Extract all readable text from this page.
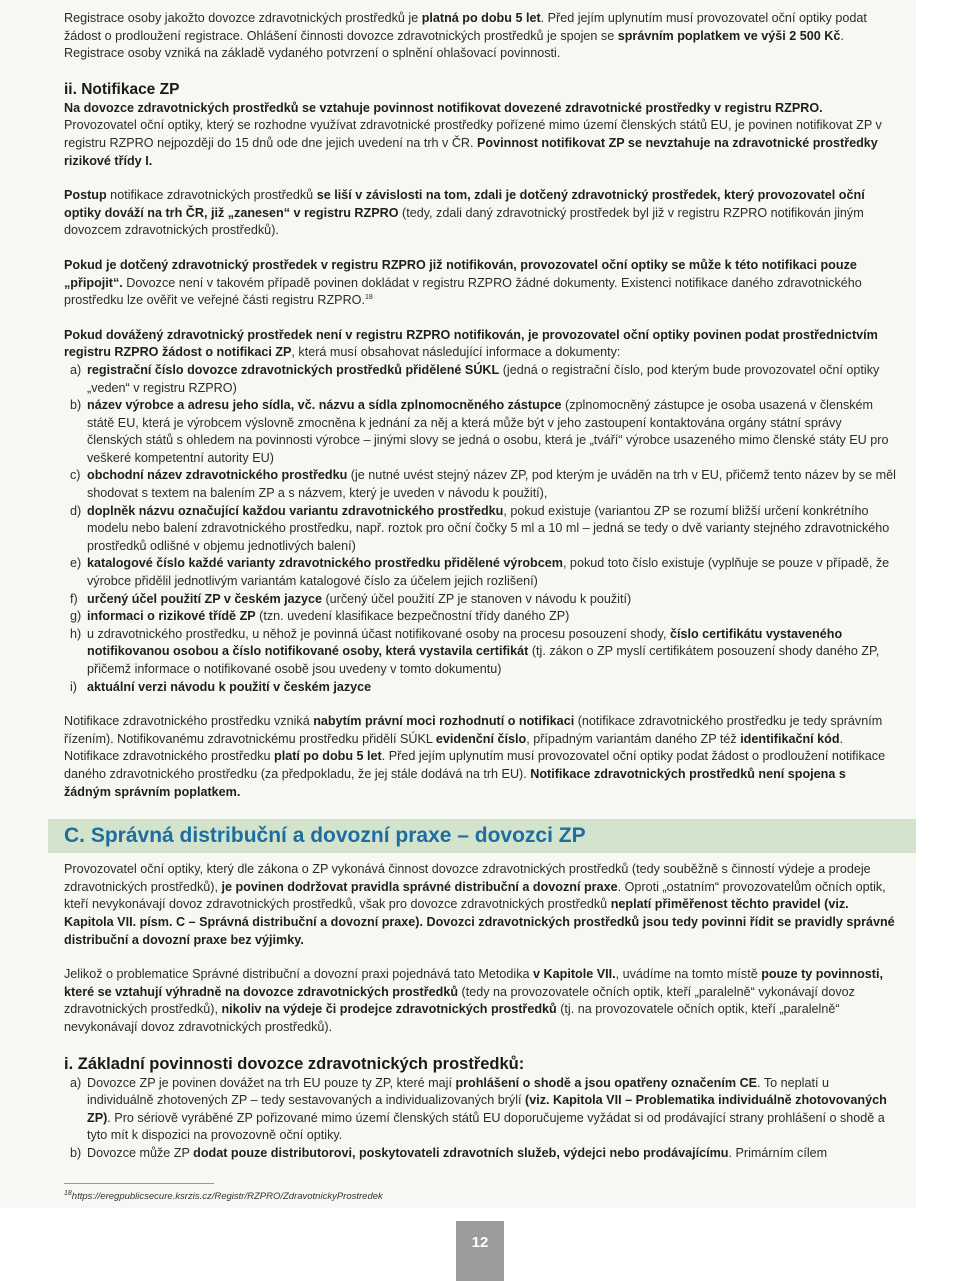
Registrace osoby jakožto dovozce zdravotnických prostředků je platná po dobu 5 let. Před jejím uplynutím musí provozovatel oční optiky podat žádost o prodloužení registrace. Ohlášení činnosti dovozce zdravotnických prostředků je spojen se správním poplatkem ve výši 2 500 Kč. Registrace osoby vzniká na základě vydaného potvrzení o splnění ohlašovací povinnosti.

ii. Notifikace ZP

Na dovozce zdravotnických prostředků se vztahuje povinnost notifikovat dovezené zdravotnické prostředky v registru RZPRO. Provozovatel oční optiky, který se rozhodne využívat zdravotnické prostředky pořízené mimo území členských států EU, je povinen notifikovat ZP v registru RZPRO nejpozději do 15 dnů ode dne jejich uvedení na trh v ČR. Povinnost notifikovat ZP se nevztahuje na zdravotnické prostředky rizikové třídy I.

Postup notifikace zdravotnických prostředků se liší v závislosti na tom, zdali je dotčený zdravotnický prostředek, který provozovatel oční optiky dováží na trh ČR, již „zanesen“ v registru RZPRO (tedy, zdali daný zdravotnický prostředek byl již v registru RZPRO notifikován jiným dovozcem zdravotnických prostředků).

Pokud je dotčený zdravotnický prostředek v registru RZPRO již notifikován, provozovatel oční optiky se může k této notifikaci pouze „připojit“. Dovozce není v takovém případě povinen dokládat v registru RZPRO žádné dokumenty. Existenci notifikace daného zdravotnického prostředku lze ověřit ve veřejné části registru RZPRO.$^{18}$

Pokud dovážený zdravotnický prostředek není v registru RZPRO notifikován, je provozovatel oční optiky povinen podat prostřednictvím registru RZPRO žádost o notifikaci ZP, která musí obsahovat následující informace a dokumenty:

a) registrační číslo dovozce zdravotnických prostředků přidělené SÚKL (jedná o registrační číslo, pod kterým bude provozovatel oční optiky „veden“ v registru RZPRO)
b) název výrobce a adresu jeho sídla, vč. názvu a sídla zplnomocněného zástupce (zplnomocněný zástupce je osoba usazená v členském státě EU, která je výrobcem výslovně zmocněna k jednání za něj a která může být v jeho zastoupení kontaktována orgány státní správy členských států s ohledem na povinnosti výrobce – jinými slovy se jedná o osobu, která je „tváří“ výrobce usazeného mimo členské státy EU pro veškeré kompetentní autority EU)
c) obchodní název zdravotnického prostředku (je nutné uvést stejný název ZP, pod kterým je uváděn na trh v EU, přičemž tento název by se měl shodovat s textem na balením ZP a s názvem, který je uveden v návodu k použití),
d) doplněk názvu označující každou variantu zdravotnického prostředku, pokud existuje (variantou ZP se rozumí bližší určení konkrétního modelu nebo balení zdravotnického prostředku, např. roztok pro oční čočky 5 ml a 10 ml – jedná se tedy o dvě varianty stejného zdravotnického prostředků odlišné v objemu jednotlivých balení)
e) katalogové číslo každé varianty zdravotnického prostředku přidělené výrobcem, pokud toto číslo existuje (vyplňuje se pouze v případě, že výrobce přidělil jednotlivým variantám katalogové číslo za účelem jejich rozlišení)
f) určený účel použití ZP v českém jazyce (určený účel použití ZP je stanoven v návodu k použití)
g) informaci o rizikové třídě ZP (tzn. uvedení klasifikace bezpečnostní třídy daného ZP)
h) u zdravotnického prostředku, u něhož je povinná účast notifikované osoby na procesu posouzení shody, číslo certifikátu vystaveného notifikovanou osobou a číslo notifikované osoby, která vystavila certifikát (tj. zákon o ZP myslí certifikátem posouzení shody daného ZP, přičemž informace o notifikované osobě jsou uvedeny v tomto dokumentu)
i) aktuální verzi návodu k použití v českém jazyce

Notifikace zdravotnického prostředku vzniká nabytím právní moci rozhodnutí o notifikaci (notifikace zdravotnického prostředku je tedy správním řízením). Notifikovanému zdravotnickému prostředku přidělí SÚKL evidenční číslo, případným variantám daného ZP též identifikační kód. Notifikace zdravotnického prostředku platí po dobu 5 let. Před jejím uplynutím musí provozovatel oční optiky podat žádost o prodloužení notifikace daného zdravotnického prostředku (za předpokladu, že jej stále dodává na trh EU). Notifikace zdravotnických prostředků není spojena s žádným správním poplatkem.

Provozovatel oční optiky, který dle zákona o ZP vykonává činnost dovozce zdravotnických prostředků (tedy souběžně s činností výdeje a prodeje zdravotnických prostředků), je povinen dodržovat pravidla správné distribuční a dovozní praxe. Oproti „ostatním“ provozovatelům očních optik, kteří nevykonávají dovoz zdravotnických prostředků, však pro dovozce zdravotnických prostředků neplatí přiměřenost těchto pravidel (viz. Kapitola VII. písm. C – Správná distribuční a dovozní praxe). Dovozci zdravotnických prostředků jsou tedy povinni řídit se pravidly správné distribuční a dovozní praxe bez výjimky.

Jelikož o problematice Správné distribuční a dovozní praxi pojednává tato Metodika v Kapitole VII., uvádíme na tomto místě pouze ty povinnosti, které se vztahují výhradně na dovozce zdravotnických prostředků (tedy na provozovatele očních optik, kteří „paralelně“ vykonávají dovoz zdravotnických prostředků), nikoliv na výdeje či prodejce zdravotnických prostředků (tj. na provozovatele očních optik, kteří „paralelně“ nevykonávají dovoz zdravotnických prostředků).

i. Základní povinnosti dovozce zdravotnických prostředků:
a) Dovozce ZP je povinen dovážet na trh EU pouze ty ZP, které mají prohlášení o shodě a jsou opatřeny označením CE. To neplatí u individuálně zhotovených ZP – tedy sestavovaných a individualizovaných brýlí (viz. Kapitola VII – Problematika individuálně zhotovovaných ZP). Pro sériově vyráběné ZP pořizované mimo území členských států EU doporučujeme vyžádat si od prodávající strany prohlášení o shodě a tyto mít k dispozici na provozovně oční optiky.
b) Dovozce může ZP dodat pouze distributorovi, poskytovateli zdravotních služeb, výdejci nebo prodávajícímu. Primárním cílem
C. Správná distribuční a dovozní praxe – dovozci ZP
$^{18}$https://eregpublicsecure.ksrzis.cz/Registr/RZPRO/ZdravotnickyProstredek
12
